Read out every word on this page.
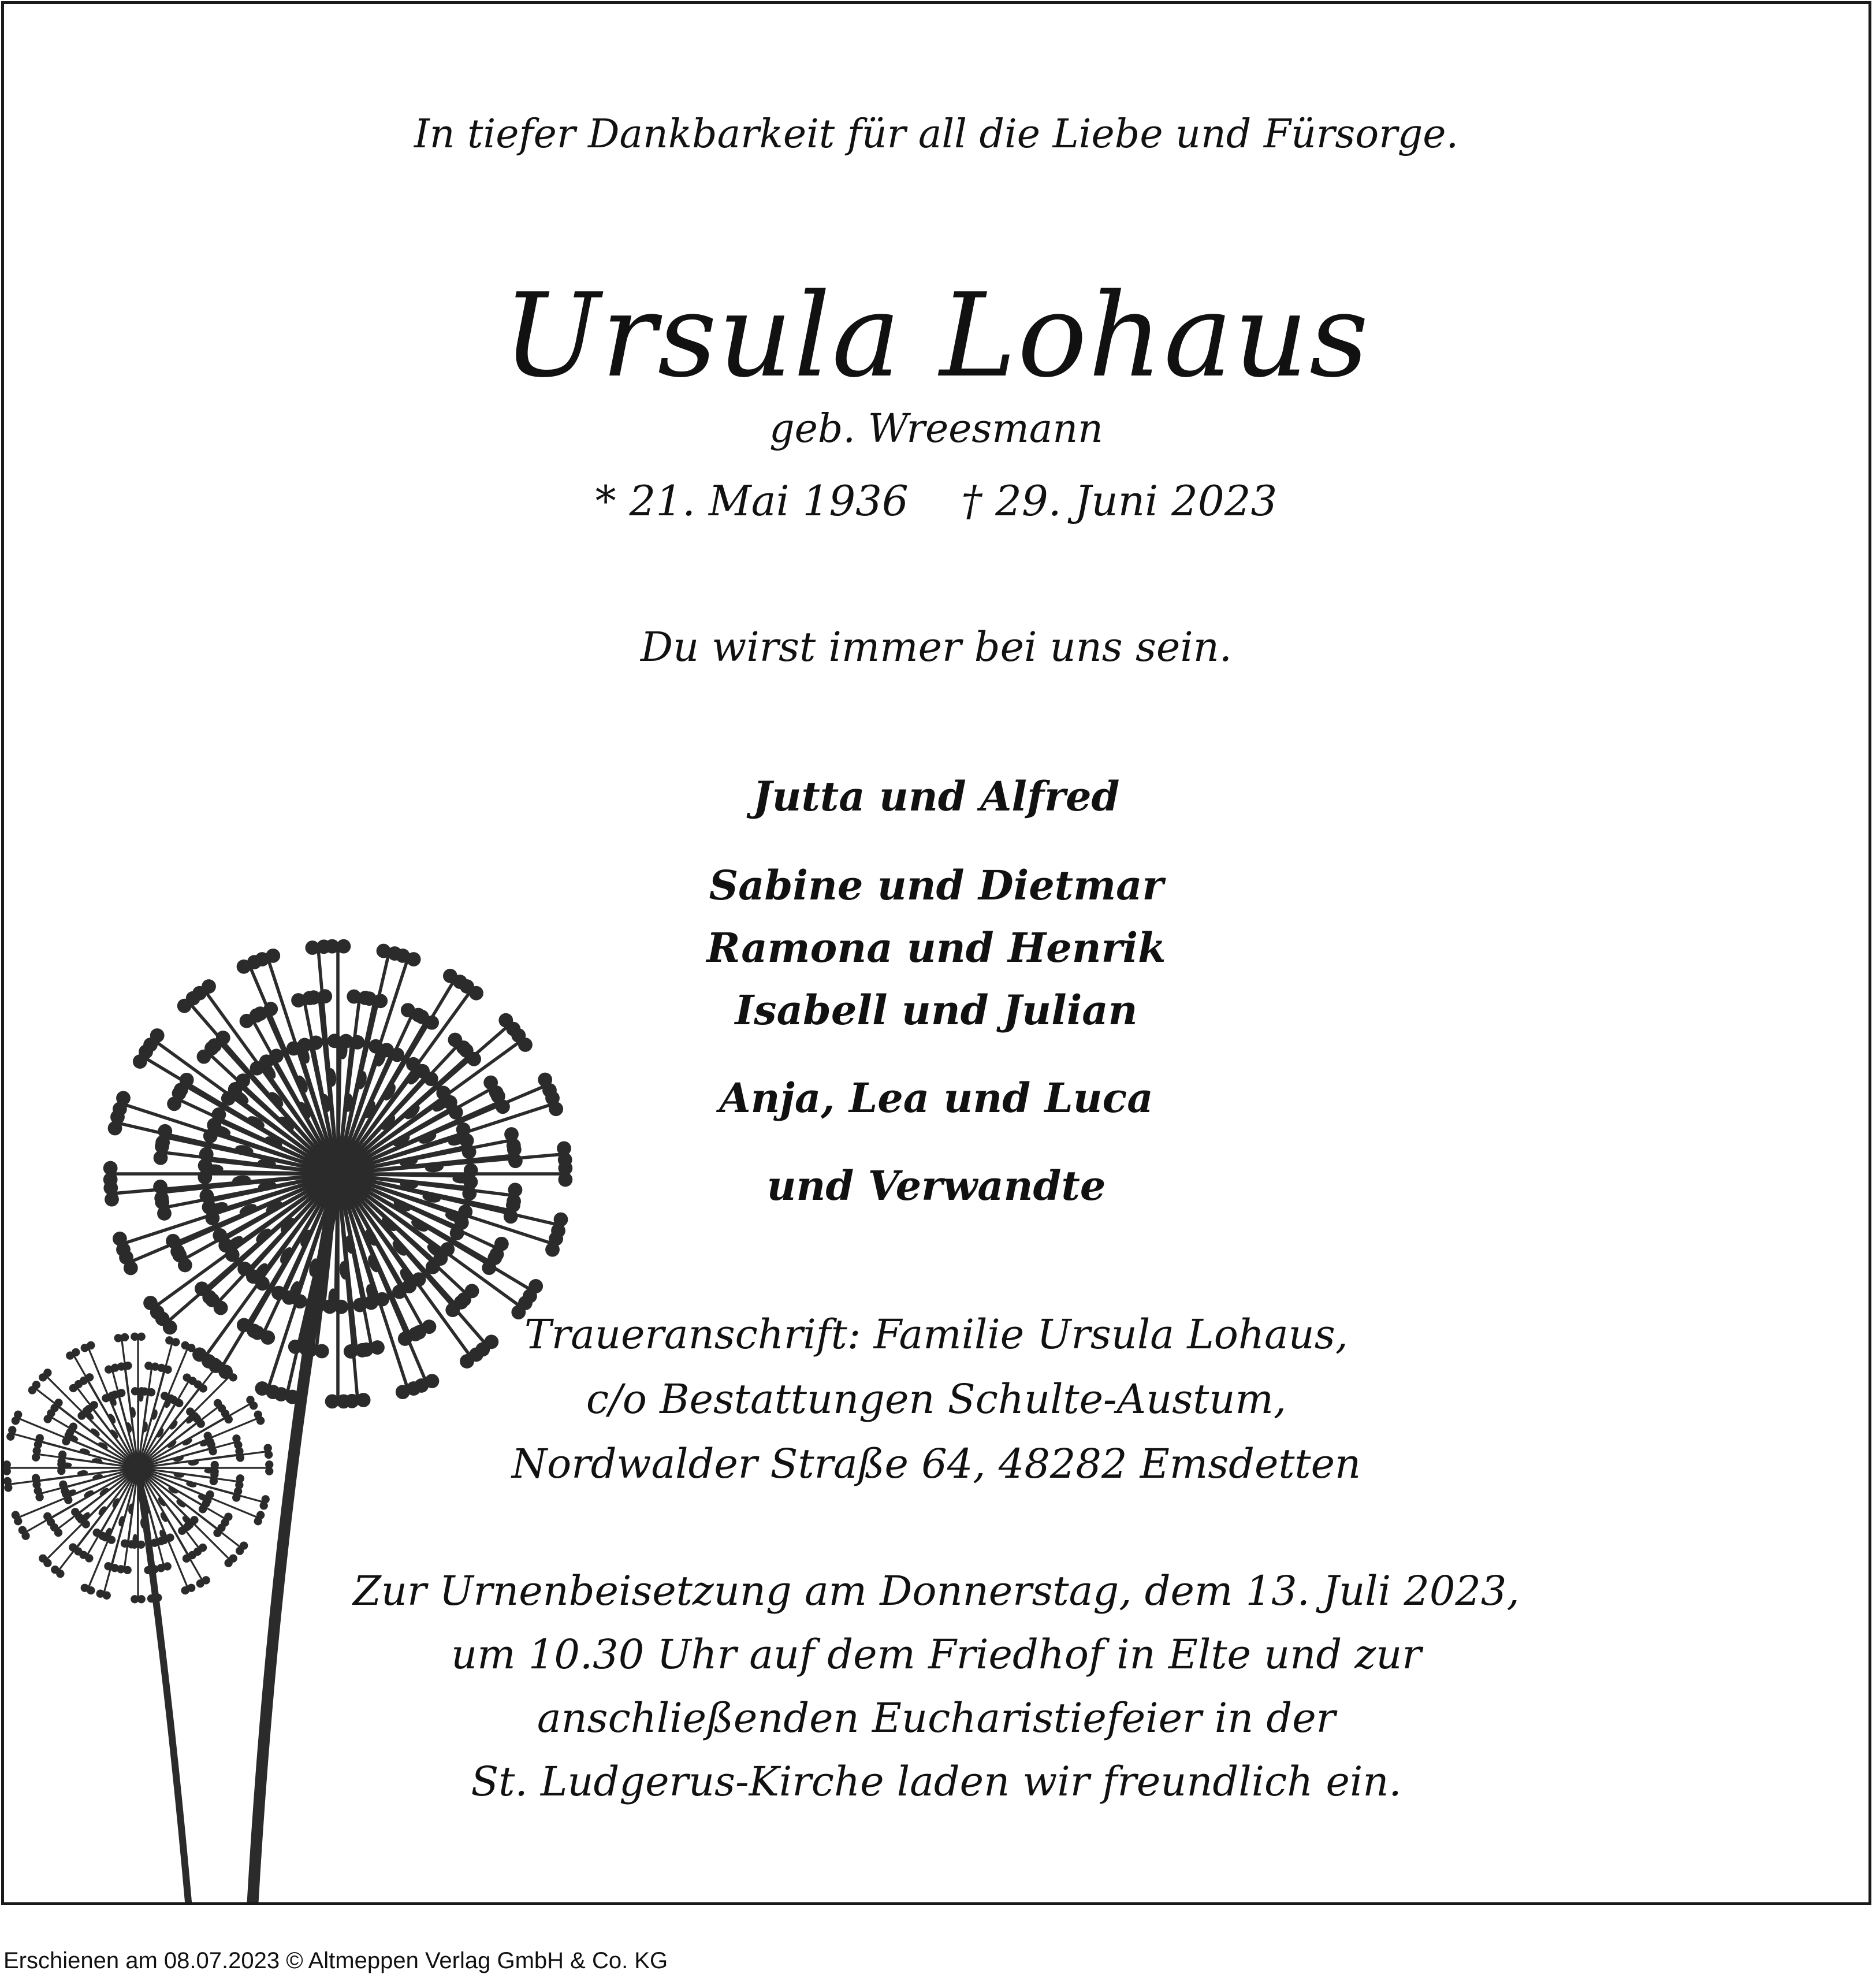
In tiefer Dankbarkeit für all die Liebe und Fürsorge.
Ursula Lohaus
geb. Wreesmann
* 21. Mai 1936    † 29. Juni 2023
Du wirst immer bei uns sein.
Jutta und Alfred
Sabine und Dietmar
Ramona und Henrik
Isabell und Julian
Anja, Lea und Luca
und Verwandte
Traueranschrift: Familie Ursula Lohaus,
c/o Bestattungen Schulte-Austum,
Nordwalder Straße 64, 48282 Emsdetten
Zur Urnenbeisetzung am Donnerstag, dem 13. Juli 2023,
um 10.30 Uhr auf dem Friedhof in Elte und zur
anschließenden Eucharistiefeier in der
St. Ludgerus-Kirche laden wir freundlich ein.
Erschienen am 08.07.2023 © Altmeppen Verlag GmbH & Co. KG
